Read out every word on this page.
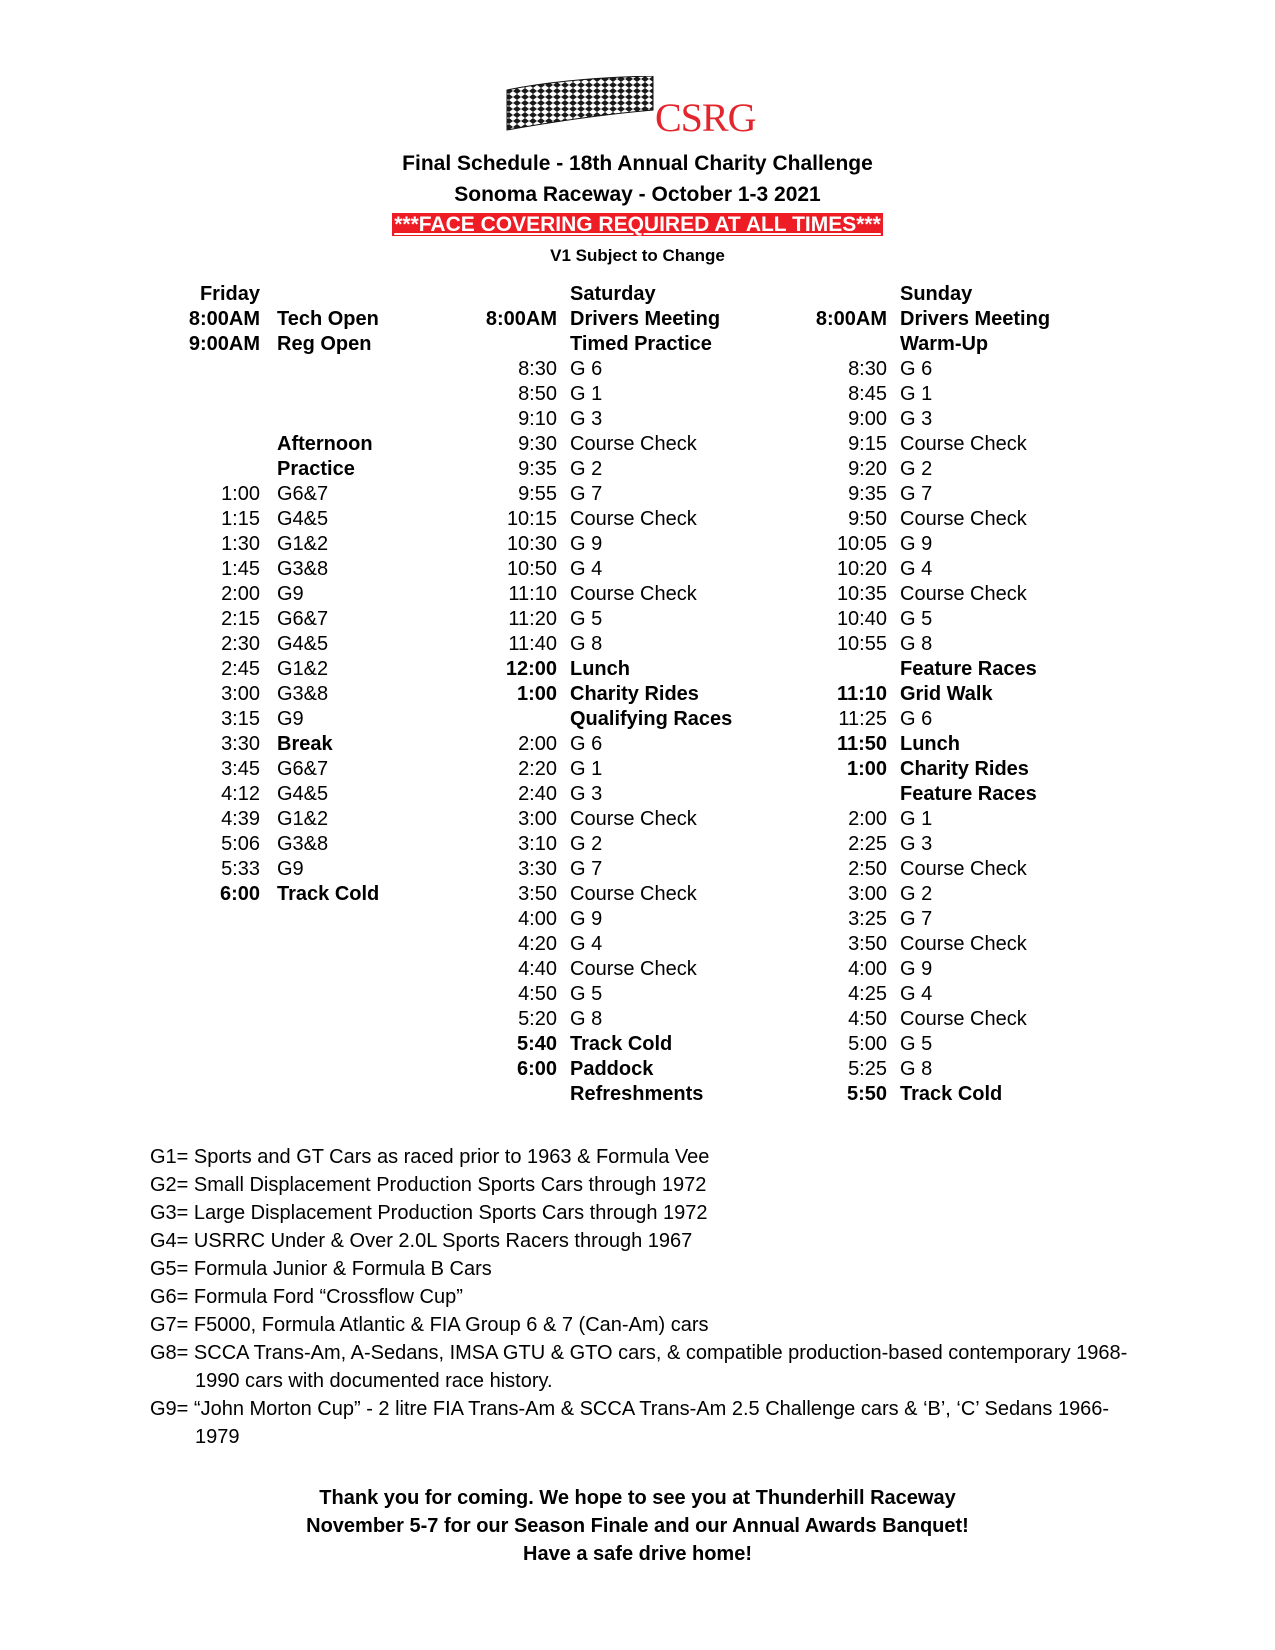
CSRG
Final Schedule - 18th Annual Charity Challenge
Sonoma Raceway - October 1-3 2021
***FACE COVERING REQUIRED AT ALL TIMES***
V1 Subject to Change
Friday
8:00AM Tech Open
9:00AM Reg Open
Afternoon
Practice
1:00 G6&7
1:15 G4&5
1:30 G1&2
1:45 G3&8
2:00 G9
2:15 G6&7
2:30 G4&5
2:45 G1&2
3:00 G3&8
3:15 G9
3:30 Break
3:45 G6&7
4:12 G4&5
4:39 G1&2
5:06 G3&8
5:33 G9
6:00 Track Cold
Saturday
8:00AM Drivers Meeting
Timed Practice
8:30 G 6
8:50 G 1
9:10 G 3
9:30 Course Check
9:35 G 2
9:55 G 7
10:15 Course Check
10:30 G 9
10:50 G 4
11:10 Course Check
11:20 G 5
11:40 G 8
12:00 Lunch
1:00 Charity Rides
Qualifying Races
2:00 G 6
2:20 G 1
2:40 G 3
3:00 Course Check
3:10 G 2
3:30 G 7
3:50 Course Check
4:00 G 9
4:20 G 4
4:40 Course Check
4:50 G 5
5:20 G 8
5:40 Track Cold
6:00 Paddock
Refreshments
Sunday
8:00AM Drivers Meeting
Warm-Up
8:30 G 6
8:45 G 1
9:00 G 3
9:15 Course Check
9:20 G 2
9:35 G 7
9:50 Course Check
10:05 G 9
10:20 G 4
10:35 Course Check
10:40 G 5
10:55 G 8
Feature Races
11:10 Grid Walk
11:25 G 6
11:50 Lunch
1:00 Charity Rides
Feature Races
2:00 G 1
2:25 G 3
2:50 Course Check
3:00 G 2
3:25 G 7
3:50 Course Check
4:00 G 9
4:25 G 4
4:50 Course Check
5:00 G 5
5:25 G 8
5:50 Track Cold
G1= Sports and GT Cars as raced prior to 1963 & Formula Vee
G2= Small Displacement Production Sports Cars through 1972
G3= Large Displacement Production Sports Cars through 1972
G4= USRRC Under & Over 2.0L Sports Racers through 1967
G5= Formula Junior & Formula B Cars
G6= Formula Ford “Crossflow Cup”
G7= F5000, Formula Atlantic & FIA Group 6 & 7 (Can-Am) cars
G8= SCCA Trans-Am, A-Sedans, IMSA GTU & GTO cars, & compatible production-based contemporary 1968-1990 cars with documented race history.
G9= “John Morton Cup” - 2 litre FIA Trans-Am & SCCA Trans-Am 2.5 Challenge cars & ‘B’, ‘C’ Sedans 1966-1979
Thank you for coming. We hope to see you at Thunderhill Raceway
November 5-7 for our Season Finale and our Annual Awards Banquet!
Have a safe drive home!
